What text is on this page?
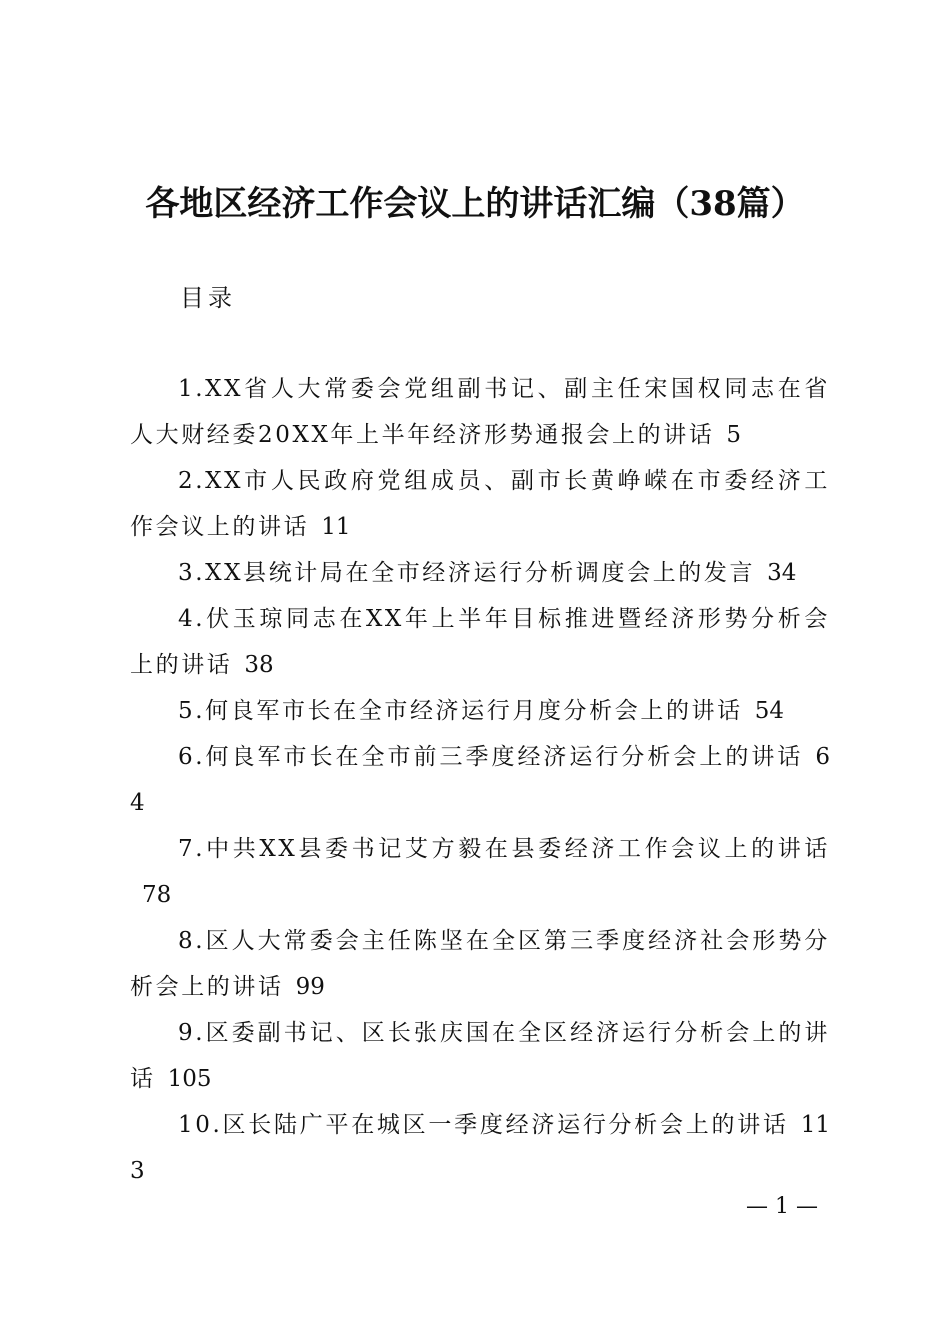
各地区经济工作会议上的讲话汇编（38篇）
目录
1.XX省人大常委会党组副书记、副主任宋国权同志在省人大财经委20XX年上半年经济形势通报会上的讲话 5
2.XX市人民政府党组成员、副市长黄峥嵘在市委经济工作会议上的讲话 11
3.XX县统计局在全市经济运行分析调度会上的发言 34
4.伏玉琼同志在XX年上半年目标推进暨经济形势分析会上的讲话 38
5.何良军市长在全市经济运行月度分析会上的讲话 54
6.何良军市长在全市前三季度经济运行分析会上的讲话 64
7.中共XX县委书记艾方毅在县委经济工作会议上的讲话78
8.区人大常委会主任陈坚在全区第三季度经济社会形势分析会上的讲话 99
9.区委副书记、区长张庆国在全区经济运行分析会上的讲话 105
10.区长陆广平在城区一季度经济运行分析会上的讲话 113
— 1 —
